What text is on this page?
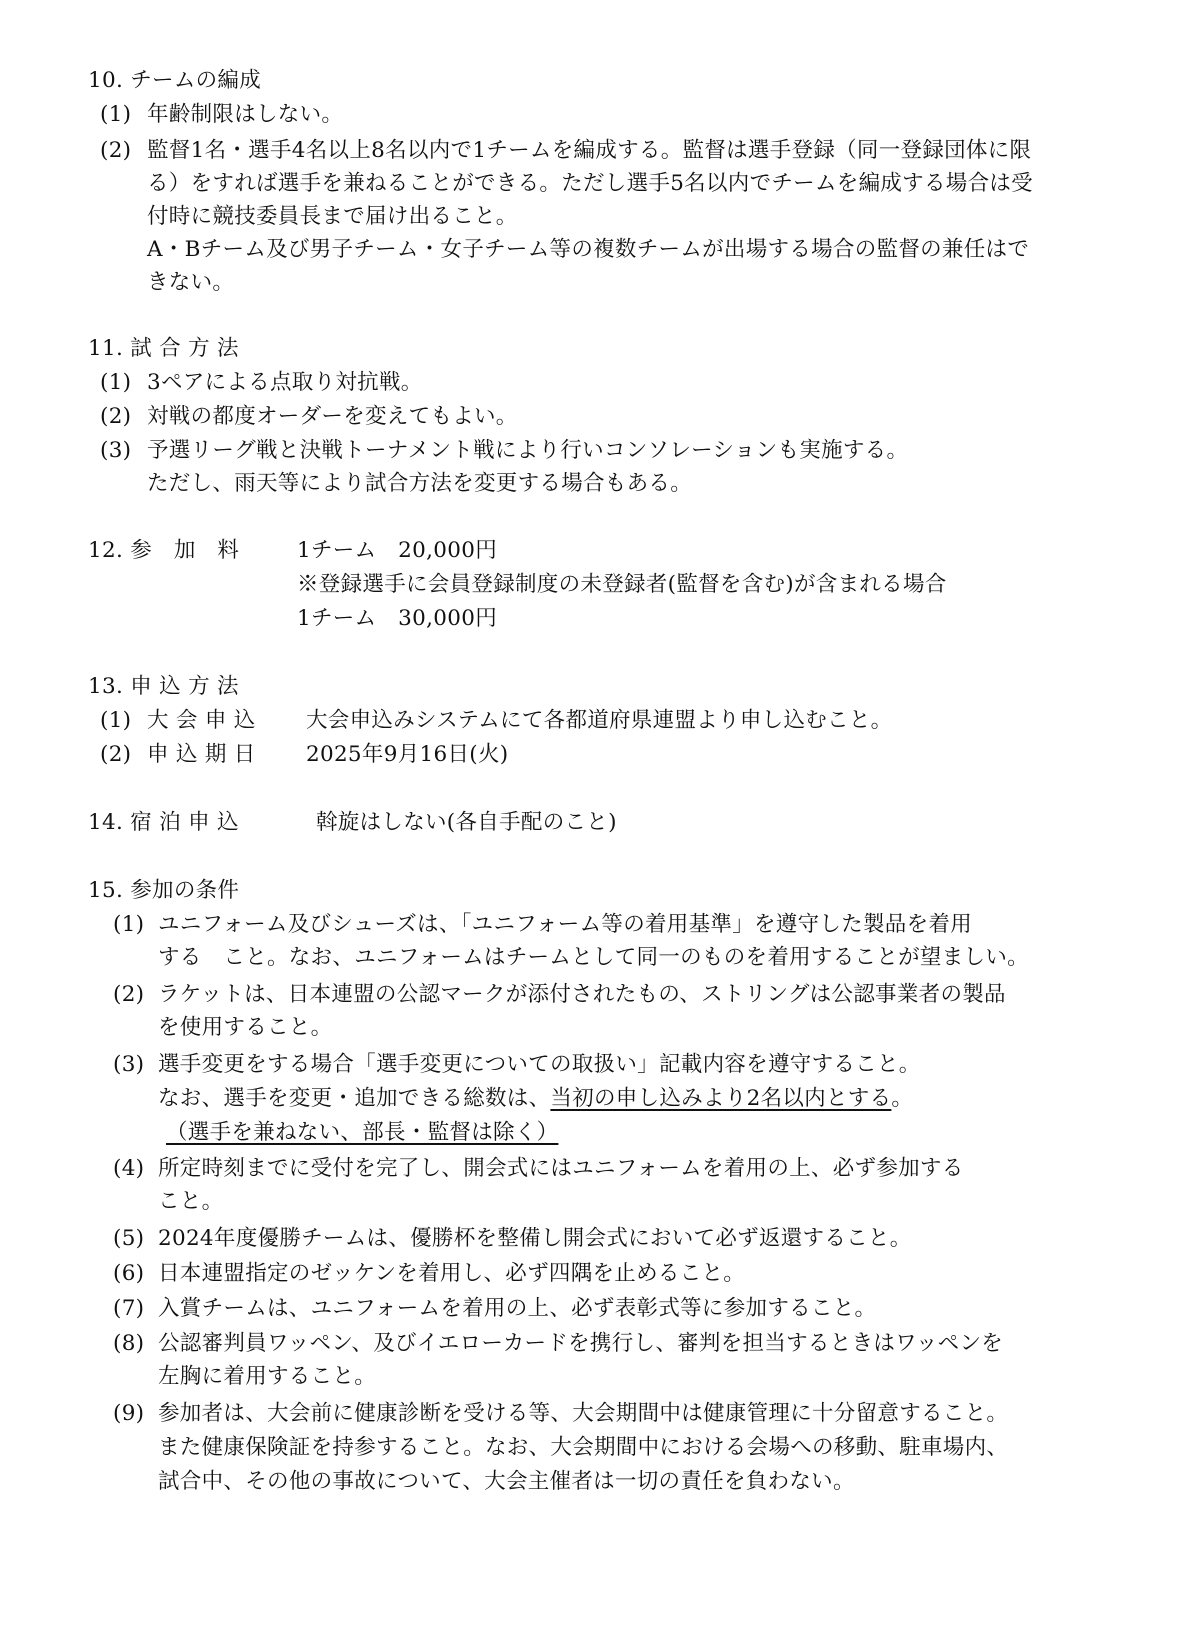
10. チームの編成
(1) 年齢制限はしない。
(2) 監督1名・選手4名以上8名以内で1チームを編成する。監督は選手登録（同一登録団体に限
る）をすれば選手を兼ねることができる。ただし選手5名以内でチームを編成する場合は受
付時に競技委員長まで届け出ること。
A・Bチーム及び男子チーム・女子チーム等の複数チームが出場する場合の監督の兼任はで
きない。
11. 試 合 方 法
(1) 3ペアによる点取り対抗戦。
(2) 対戦の都度オーダーを変えてもよい。
(3) 予選リーグ戦と決戦トーナメント戦により行いコンソレーションも実施する。
ただし、雨天等により試合方法を変更する場合もある。
12. 参　加　料	1チーム　20,000円
※登録選手に会員登録制度の未登録者(監督を含む)が含まれる場合
1チーム　30,000円
13. 申 込 方 法
(1) 大 会 申 込 大会申込みシステムにて各都道府県連盟より申し込むこと。
(2) 申 込 期 日 2025年9月16日(火)
14. 宿 泊 申 込	斡旋はしない(各自手配のこと)
15. 参加の条件
(1) ユニフォーム及びシューズは、「ユニフォーム等の着用基準」を遵守した製品を着用
する　こと。なお、ユニフォームはチームとして同一のものを着用することが望ましい。
(2) ラケットは、日本連盟の公認マークが添付されたもの、ストリングは公認事業者の製品
を使用すること。
(3) 選手変更をする場合「選手変更についての取扱い」記載内容を遵守すること。
なお、選手を変更・追加できる総数は、当初の申し込みより2名以内とする。
（選手を兼ねない、部長・監督は除く）
(4) 所定時刻までに受付を完了し、開会式にはユニフォームを着用の上、必ず参加する
こと。
(5) 2024年度優勝チームは、優勝杯を整備し開会式において必ず返還すること。
(6) 日本連盟指定のゼッケンを着用し、必ず四隅を止めること。
(7) 入賞チームは、ユニフォームを着用の上、必ず表彰式等に参加すること。
(8) 公認審判員ワッペン、及びイエローカードを携行し、審判を担当するときはワッペンを
左胸に着用すること。
(9) 参加者は、大会前に健康診断を受ける等、大会期間中は健康管理に十分留意すること。
また健康保険証を持参すること。なお、大会期間中における会場への移動、駐車場内、
試合中、その他の事故について、大会主催者は一切の責任を負わない。
